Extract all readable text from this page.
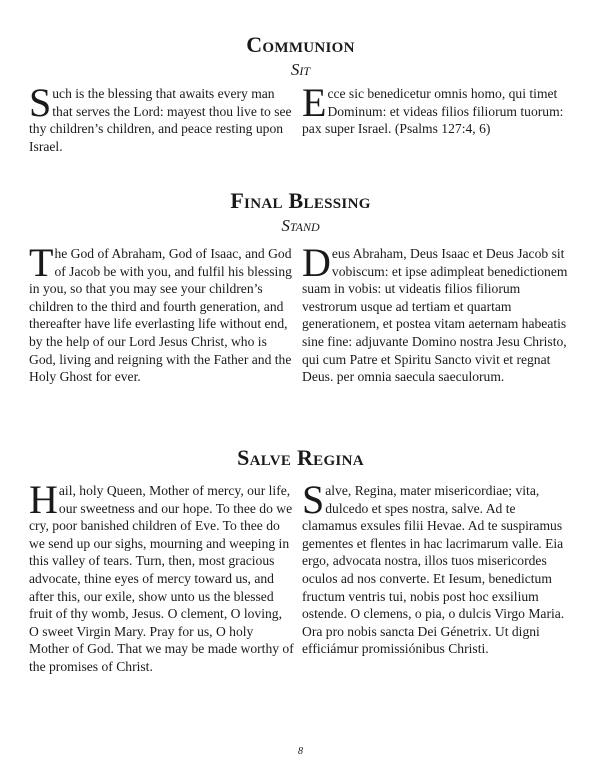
Communion
Sit

Such is the blessing that awaits every man that serves the Lord: mayest thou live to see thy children’s children, and peace resting upon Israel.

Ecce sic benedicetur omnis homo, qui timet Dominum: et videas filios filiorum tuorum: pax super Israel. (Psalms 127:4, 6)

Final Blessing
Stand

The God of Abraham, God of Isaac, and God of Jacob be with you, and fulfil his blessing in you, so that you may see your children’s children to the third and fourth generation, and thereafter have life everlasting life without end, by the help of our Lord Jesus Christ, who is God, living and reigning with the Father and the Holy Ghost for ever.

Deus Abraham, Deus Isaac et Deus Jacob sit vobiscum: et ipse adimpleat benedictionem suam in vobis: ut videatis filios filiorum vestrorum usque ad tertiam et quartam generationem, et postea vitam aeternam habeatis sine fine: adjuvante Domino nostra Jesu Christo, qui cum Patre et Spiritu Sancto vivit et regnat Deus. per omnia saecula saeculorum.

Salve Regina

Hail, holy Queen, Mother of mercy, our life, our sweetness and our hope. To thee do we cry, poor banished children of Eve. To thee do we send up our sighs, mourning and weeping in this valley of tears. Turn, then, most gracious advocate, thine eyes of mercy toward us, and after this, our exile, show unto us the blessed fruit of thy womb, Jesus. O clement, O loving, O sweet Virgin Mary. Pray for us, O holy Mother of God. That we may be made worthy of the promises of Christ.

Salve, Regina, mater misericordiae; vita, dulcedo et spes nostra, salve. Ad te clamamus exsules filii Hevae. Ad te suspiramus gementes et flentes in hac lacrimarum valle. Eia ergo, advocata nostra, illos tuos misericordes oculos ad nos converte. Et Iesum, benedictum fructum ventris tui, nobis post hoc exsilium ostende. O clemens, o pia, o dulcis Virgo Maria. Ora pro nobis sancta Dei Génetrix. Ut digni efficiámur promissiónibus Christi.

8
